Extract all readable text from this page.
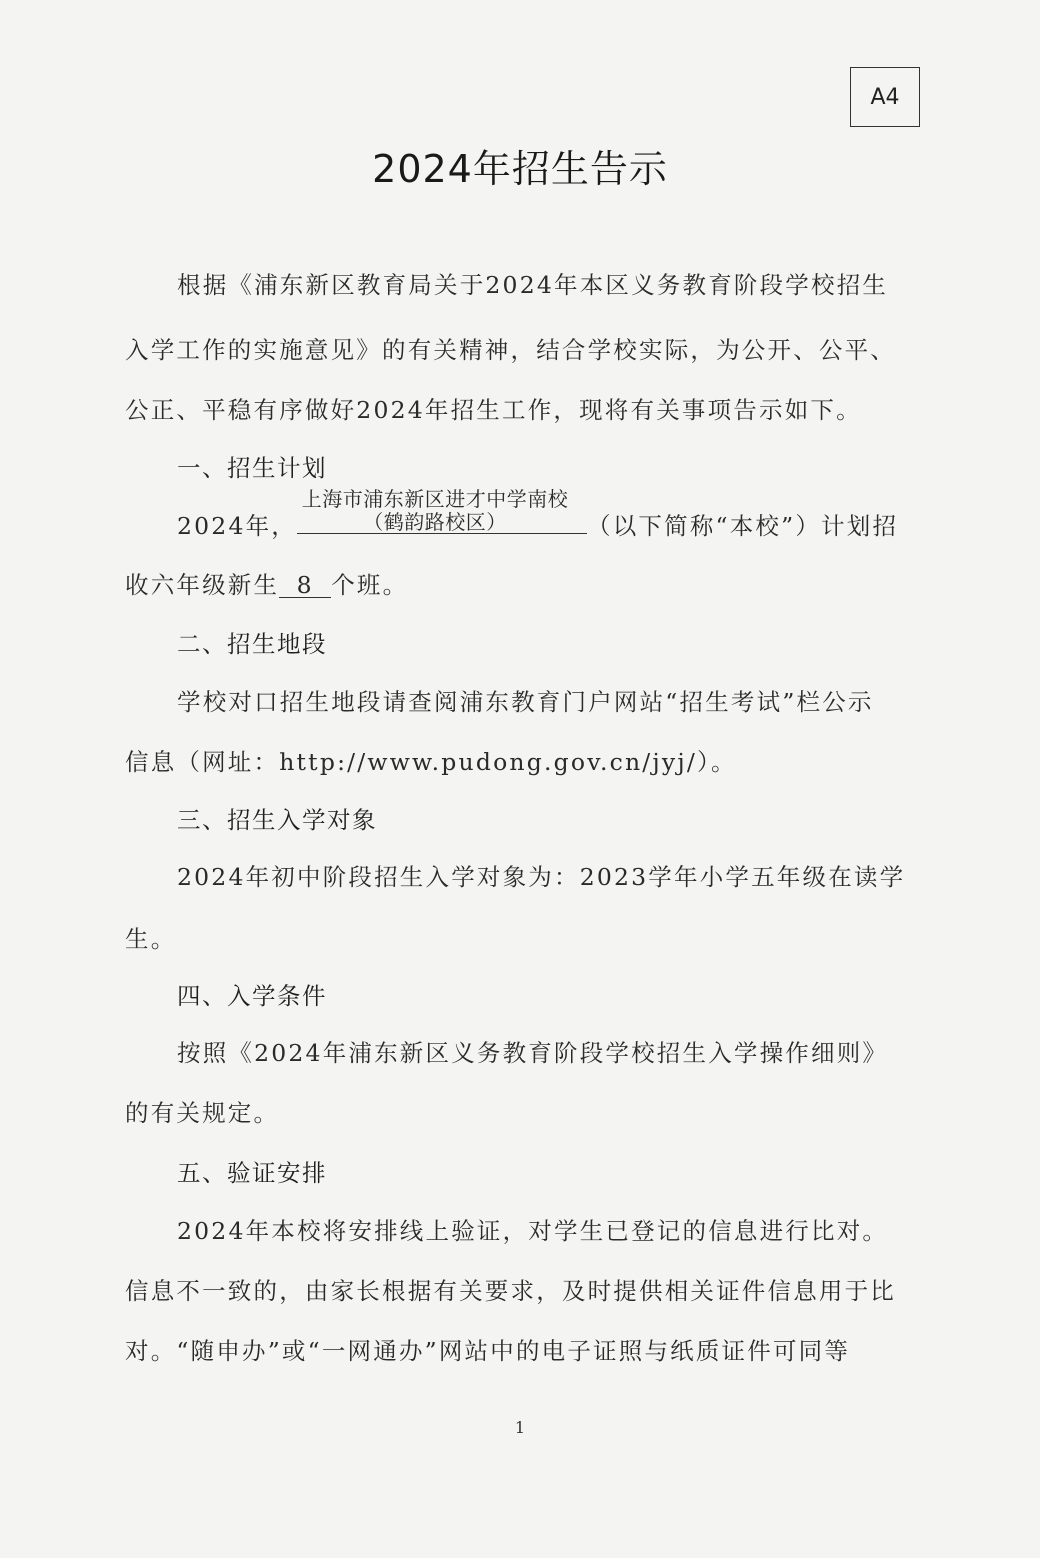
A4
2024年招生告示
根据《浦东新区教育局关于2024年本区义务教育阶段学校招生
入学工作的实施意见》的有关精神，结合学校实际，为公开、公平、
公正、平稳有序做好2024年招生工作，现将有关事项告示如下。
一、招生计划
上海市浦东新区进才中学南校
（鹤韵路校区）
2024年，	（以下简称“本校”）计划招
收六年级新生 8 个班。
二、招生地段
学校对口招生地段请查阅浦东教育门户网站“招生考试”栏公示
信息（网址：http://www.pudong.gov.cn/jyj/）。
三、招生入学对象
2024年初中阶段招生入学对象为：2023学年小学五年级在读学
生。
四、入学条件
按照《2024年浦东新区义务教育阶段学校招生入学操作细则》
的有关规定。
五、验证安排
2024年本校将安排线上验证，对学生已登记的信息进行比对。
信息不一致的，由家长根据有关要求，及时提供相关证件信息用于比
对。“随申办”或“一网通办”网站中的电子证照与纸质证件可同等
1
